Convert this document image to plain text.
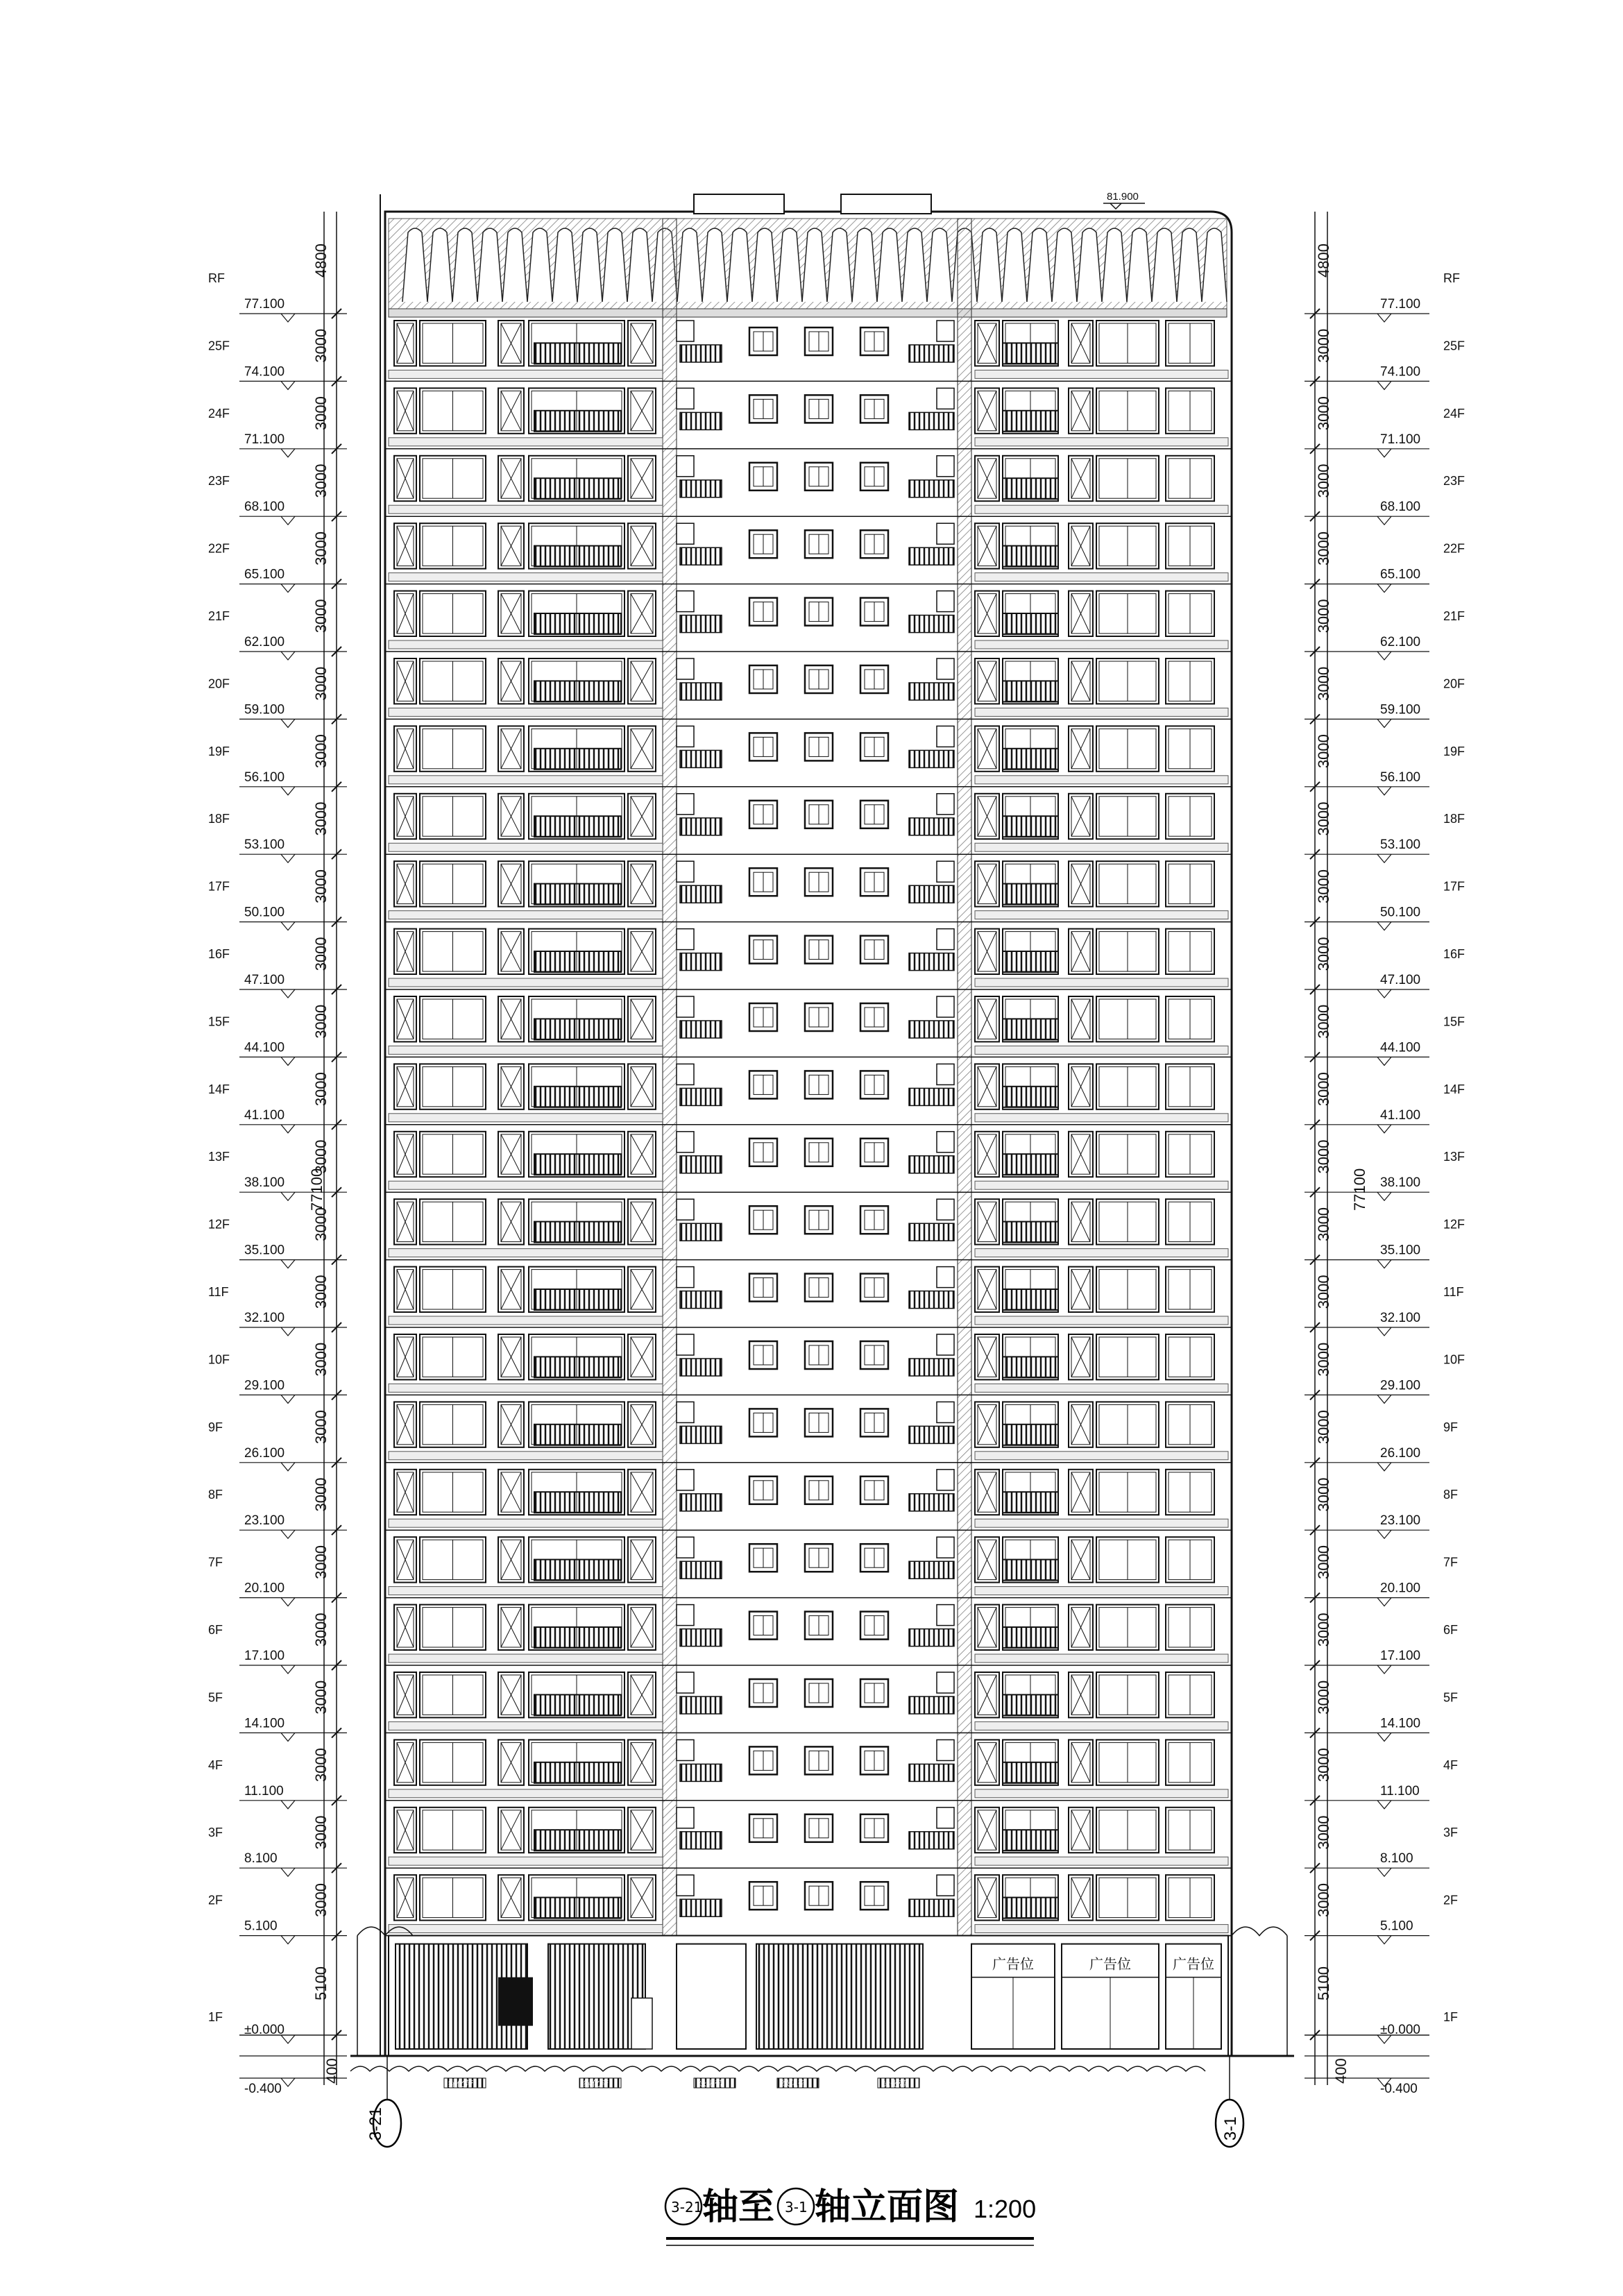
广告位	广告位	广告位
绿化带	绿化带	绿化带	绿化带	绿化带
RF
77.100
4800
25F
74.100
3000
24F
71.100
3000
23F
68.100
3000
22F
65.100
3000
21F
62.100
3000
20F
59.100
3000
19F
56.100
3000
18F
53.100
3000
17F
50.100
3000
16F
47.100
3000
15F
44.100
3000
14F
41.100
3000
13F
38.100
3000
12F
35.100
3000
11F
32.100
3000
10F
29.100
3000
9F
26.100
3000
8F
23.100
3000
7F
20.100
3000
6F
17.100
3000
5F
14.100
3000
4F
11.100
3000
3F
8.100
3000
2F
5.100
3000
1F
5100
RF
77.100
4800
25F
74.100
3000
24F
71.100
3000
23F
68.100
3000
22F
65.100
3000
21F
62.100
3000
20F
59.100
3000
19F
56.100
3000
18F
53.100
3000
17F
50.100
3000
16F
47.100
3000
15F
44.100
3000
14F
41.100
3000
13F
38.100
3000
12F
35.100
3000
11F
32.100
3000
10F
29.100
3000
9F
26.100
3000
8F
23.100
3000
7F
20.100
3000
6F
17.100
3000
5F
14.100
3000
4F
11.100
3000
3F
8.100
3000
2F
5.100
3000
1F
5100
81.900
77100	77100
±0.000	±0.000
-0.400	-0.400
400	400
3-21	3-1
3-21	3-1
轴至 轴立面图 1:200
